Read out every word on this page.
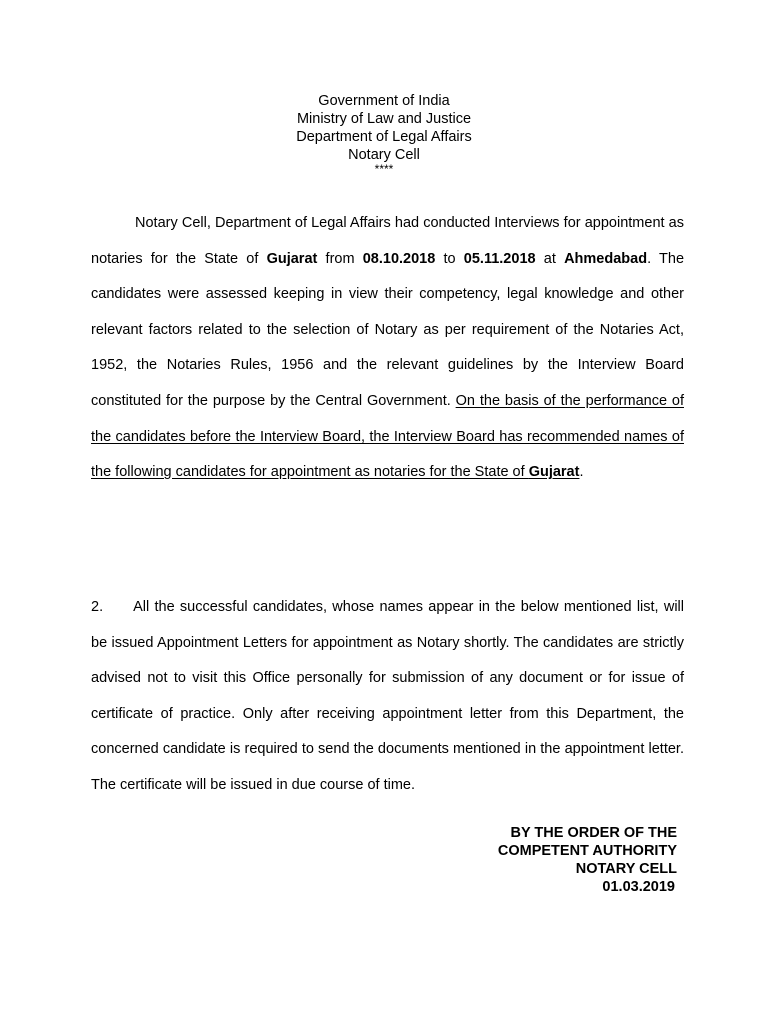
Government of India
Ministry of Law and Justice
Department of Legal Affairs
Notary Cell
****
Notary Cell, Department of Legal Affairs had conducted Interviews for appointment as notaries for the State of Gujarat from 08.10.2018 to 05.11.2018 at Ahmedabad. The candidates were assessed keeping in view their competency, legal knowledge and other relevant factors related to the selection of Notary as per requirement of the Notaries Act, 1952, the Notaries Rules, 1956 and the relevant guidelines by the Interview Board constituted for the purpose by the Central Government. On the basis of the performance of the candidates before the Interview Board, the Interview Board has recommended names of the following candidates for appointment as notaries for the State of Gujarat.
2. All the successful candidates, whose names appear in the below mentioned list, will be issued Appointment Letters for appointment as Notary shortly. The candidates are strictly advised not to visit this Office personally for submission of any document or for issue of certificate of practice. Only after receiving appointment letter from this Department, the concerned candidate is required to send the documents mentioned in the appointment letter. The certificate will be issued in due course of time.
BY THE ORDER OF THE
COMPETENT AUTHORITY
NOTARY CELL
01.03.2019
